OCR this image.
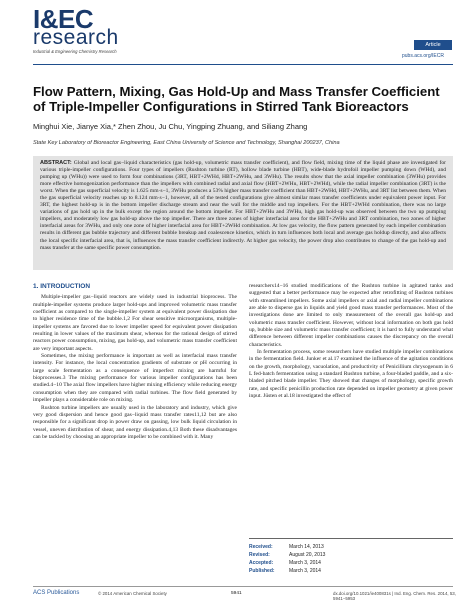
I&EC
research
Industrial & Engineering Chemistry Research
Article
pubs.acs.org/IECR
Flow Pattern, Mixing, Gas Hold-Up and Mass Transfer Coefficient of Triple-Impeller Configurations in Stirred Tank Bioreactors
Minghui Xie, Jianye Xia,* Zhen Zhou, Ju Chu, Yingping Zhuang, and Siliang Zhang
State Key Laboratory of Bioreactor Engineering, East China University of Science and Technology, Shanghai 200237, China
ABSTRACT: Global and local gas−liquid characteristics (gas hold-up, volumetric mass transfer coefficient), and flow field, mixing time of the liquid phase are investigated for various triple-impeller configurations. Four types of impellers (Rushton turbine (RT), hollow blade turbine (HBT), wide-blade hydrofoil impeller pumping down (WHd), and pumping up (WHu)) were used to form four combinations (3RT, HBT+2WHd, HBT+2WHu, and 3WHu). The results show that the axial impeller combination (3WHu) provides more effective homogenization performance than the impellers with combined radial and axial flow (HBT+2WHu, HBT+2WHd), while the radial impeller combination (3RT) is the worst. When the gas superficial velocity is 1.625 mm·s−1, 3WHu produces a 53% higher mass transfer coefficient than HBT+2WHd, HBT+2WHu, and 3RT list between them. When the gas superficial velocity reaches up to 8.124 mm·s−1, however, all of the tested configurations give almost similar mass transfer coefficients under equivalent power input. For 3RT, the highest hold-up is in the bottom impeller discharge stream and near the wall for the middle and top impellers. For the HBT+2WHd combination, there was no large variations of gas hold up in the bulk except the region around the bottom impeller. For HBT+2WHu and 3WHu, high gas hold-up was observed between the two up pumping impellers, and moderately low gas hold-up above the top impeller. There are three zones of higher interfacial area for the HBT+2WHu and 3RT combination, two zones of higher interfacial areas for 3WHu, and only one zone of higher interfacial area for HBT+2WHd combination. At low gas velocity, the flow pattern generated by each impeller combination results in different gas bubble trajectory and different bubble breakup and coalescence kinetics, which in turn influences both local and average gas holdup directly, and also affects the local specific interfacial area, that is, influences the mass transfer coefficient indirectly. At higher gas velocity, the power drop also contributes to change of the gas hold-up and mass transfer at the same specific power consumption.
1. INTRODUCTION

Multiple-impeller gas−liquid reactors are widely used in industrial bioprocess. The multiple-impeller systems produce larger hold-ups and improved volumetric mass transfer coefficient as compared to the single-impeller system at equivalent power dissipation due to higher residence time of the bubble.1,2 For shear sensitive microorganisms, multiple-impeller systems are favored due to lower impeller speed for equivalent power dissipation resulting in lower values of the maximum shear, whereas for the rational design of stirred reactors power consumption, mixing, gas hold-up, and volumetric mass transfer coefficient are very important aspects.

Sometimes, the mixing performance is important as well as interfacial mass transfer intensity. For instance, the local concentration gradients of substrate or pH occurring in large scale fermentation as a consequence of imperfect mixing are harmful for bioprocesses.3 The mixing performance for various impeller configurations has been studied.4−10 The axial flow impellers have higher mixing efficiency while reducing energy consumption when they are compared with radial turbines. The flow field generated by impeller plays a considerable role on mixing.

Rushton turbine impellers are usually used in the laboratory and industry, which give very good dispersion and hence good gas−liquid mass transfer rates11,12 but are also responsible for a significant drop in power draw on gassing, low bulk liquid circulation in vessel, uneven distribution of shear, and energy dissipation.4,13 Both these disadvantages can be tackled by choosing an appropriate impeller to be combined with it. Many

researchers14−16 studied modifications of the Rushton turbine in agitated tanks and suggested that a better performance may be expected after retrofitting of Rushton turbines with streamlined impellers. Some axial impellers or axial and radial impeller combinations are able to disperse gas in liquids and yield good mass transfer performances. Most of the investigations done are limited to only measurement of the overall gas hold-up and volumetric mass transfer coefficient. However, without local information on both gas hold up, bubble size and volumetric mass transfer coefficient; it is hard to fully understand what difference between different impeller combinations causes the discrepancy on the overall characteristics.

In fermentation process, some researchers have studied multiple impeller combinations in the fermentation field. Junker et al.17 examined the influence of the agitation conditions on the growth, morphology, vacuolation, and productivity of Penicillium chrysogenum in 6 L fed-batch fermentation using a standard Rushton turbine, a four-bladed paddle, and a six-bladed pitched blade impeller. They showed that changes of morphology, specific growth rate, and specific penicillin production rate depended on impeller geometry at given power input. Jüsten et al.18 investigated the effect of

Received:	March 14, 2013
Revised:	August 20, 2013
Accepted:	March 3, 2014
Published:	March 3, 2014
ACS Publications	© 2014 American Chemical Society	5941	dx.doi.org/10.1021/ie400831s | Ind. Eng. Chem. Res. 2014, 53, 5941−5953
